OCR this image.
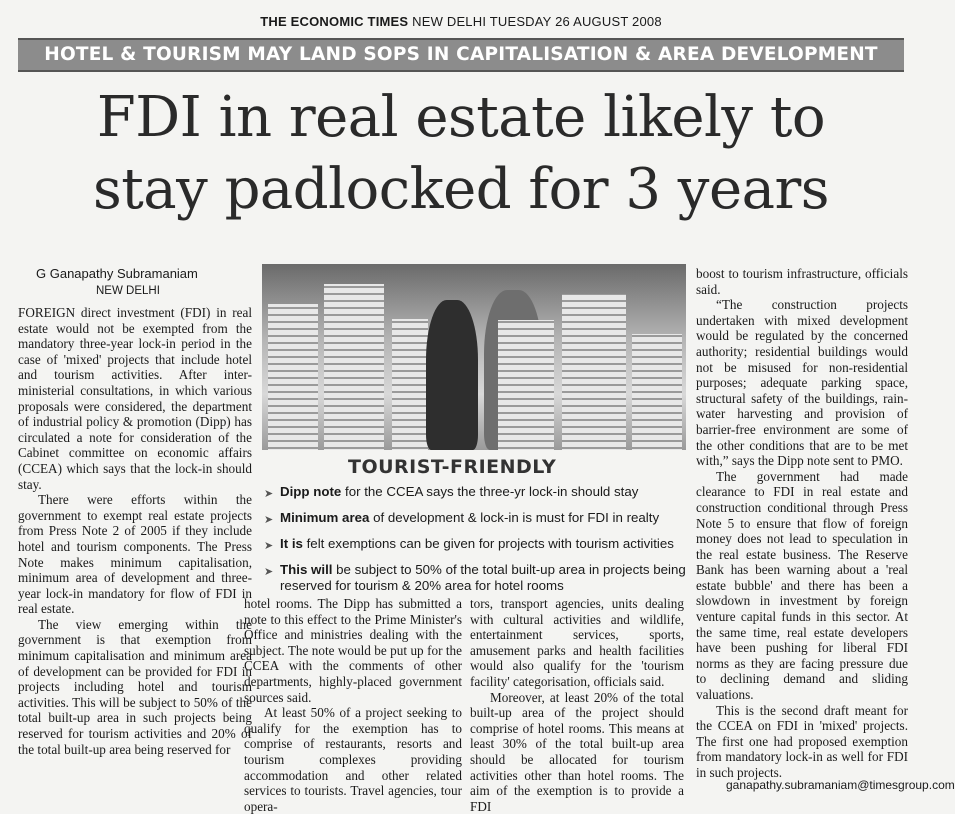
THE ECONOMIC TIMES NEW DELHI TUESDAY 26 AUGUST 2008
HOTEL & TOURISM MAY LAND SOPS IN CAPITALISATION & AREA DEVELOPMENT
FDI in real estate likely to
stay padlocked for 3 years
G Ganapathy Subramaniam
NEW DELHI

FOREIGN direct investment (FDI) in real estate would not be exempted from the mandatory three-year lock-in period in the case of 'mixed' projects that include hotel and tourism activities. After inter-ministerial consultations, in which various proposals were considered, the department of industrial policy & promotion (Dipp) has circulated a note for consideration of the Cabinet committee on economic affairs (CCEA) which says that the lock-in should stay.

There were efforts within the government to exempt real estate projects from Press Note 2 of 2005 if they include hotel and tourism components. The Press Note makes minimum capitalisation, minimum area of development and three-year lock-in mandatory for flow of FDI in real estate.

The view emerging within the government is that exemption from minimum capitalisation and minimum area of development can be provided for FDI in projects including hotel and tourism activities. This will be subject to 50% of the total built-up area in such projects being reserved for tourism activities and 20% of the total built-up area being reserved for

TOURIST-FRIENDLY
➤ Dipp note for the CCEA says the three-yr lock-in should stay
➤ Minimum area of development & lock-in is must for FDI in realty
➤ It is felt exemptions can be given for projects with tourism activities
➤ This will be subject to 50% of the total built-up area in projects being reserved for tourism & 20% area for hotel rooms

hotel rooms. The Dipp has submitted a note to this effect to the Prime Minister's Office and ministries dealing with the subject. The note would be put up for the CCEA with the comments of other departments, highly-placed government sources said.

At least 50% of a project seeking to qualify for the exemption has to comprise of restaurants, resorts and tourism complexes providing accommodation and other related services to tourists. Travel agencies, tour opera-

tors, transport agencies, units dealing with cultural activities and wildlife, entertainment services, sports, amusement parks and health facilities would also qualify for the 'tourism facility' categorisation, officials said.

Moreover, at least 20% of the total built-up area of the project should comprise of hotel rooms. This means at least 30% of the total built-up area should be allocated for tourism activities other than hotel rooms. The aim of the exemption is to provide a FDI

boost to tourism infrastructure, officials said.

“The construction projects undertaken with mixed development would be regulated by the concerned authority; residential buildings would not be misused for non-residential purposes; adequate parking space, structural safety of the buildings, rain-water harvesting and provision of barrier-free environment are some of the other conditions that are to be met with,” says the Dipp note sent to PMO.

The government had made clearance to FDI in real estate and construction conditional through Press Note 5 to ensure that flow of foreign money does not lead to speculation in the real estate business. The Reserve Bank has been warning about a 'real estate bubble' and there has been a slowdown in investment by foreign venture capital funds in this sector. At the same time, real estate developers have been pushing for liberal FDI norms as they are facing pressure due to declining demand and sliding valuations.

This is the second draft meant for the CCEA on FDI in 'mixed' projects. The first one had proposed exemption from mandatory lock-in as well for FDI in such projects.

ganapathy.subramaniam@timesgroup.com
